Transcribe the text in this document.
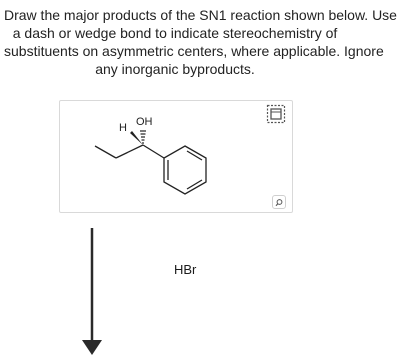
Draw the major products of the SN1 reaction shown below. Use
a dash or wedge bond to indicate stereochemistry of
substituents on asymmetric centers, where applicable. Ignore
any inorganic byproducts.
H OH
HBr
